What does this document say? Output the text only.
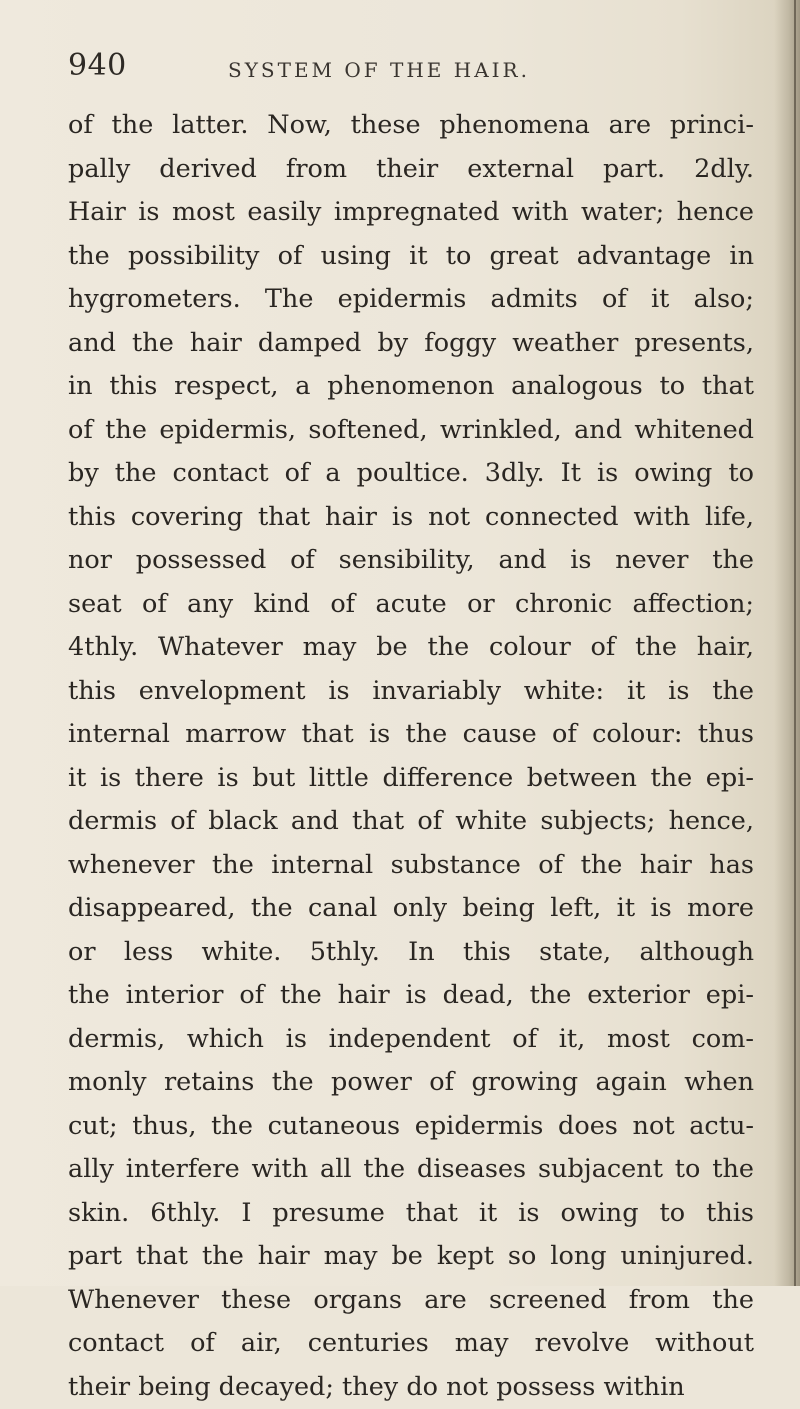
940	SYSTEM OF THE HAIR.
of the latter. Now, these phenomena are princi-
pally derived from their external part. 2dly.
Hair is most easily impregnated with water; hence
the possibility of using it to great advantage in
hygrometers. The epidermis admits of it also;
and the hair damped by foggy weather presents,
in this respect, a phenomenon analogous to that
of the epidermis, softened, wrinkled, and whitened
by the contact of a poultice. 3dly. It is owing to
this covering that hair is not connected with life,
nor possessed of sensibility, and is never the
seat of any kind of acute or chronic affection;
4thly. Whatever may be the colour of the hair,
this envelopment is invariably white: it is the
internal marrow that is the cause of colour: thus
it is there is but little difference between the epi-
dermis of black and that of white subjects; hence,
whenever the internal substance of the hair has
disappeared, the canal only being left, it is more
or less white. 5thly. In this state, although
the interior of the hair is dead, the exterior epi-
dermis, which is independent of it, most com-
monly retains the power of growing again when
cut; thus, the cutaneous epidermis does not actu-
ally interfere with all the diseases subjacent to the
skin. 6thly. I presume that it is owing to this
part that the hair may be kept so long uninjured.
Whenever these organs are screened from the
contact of air, centuries may revolve without
their being decayed; they do not possess within
